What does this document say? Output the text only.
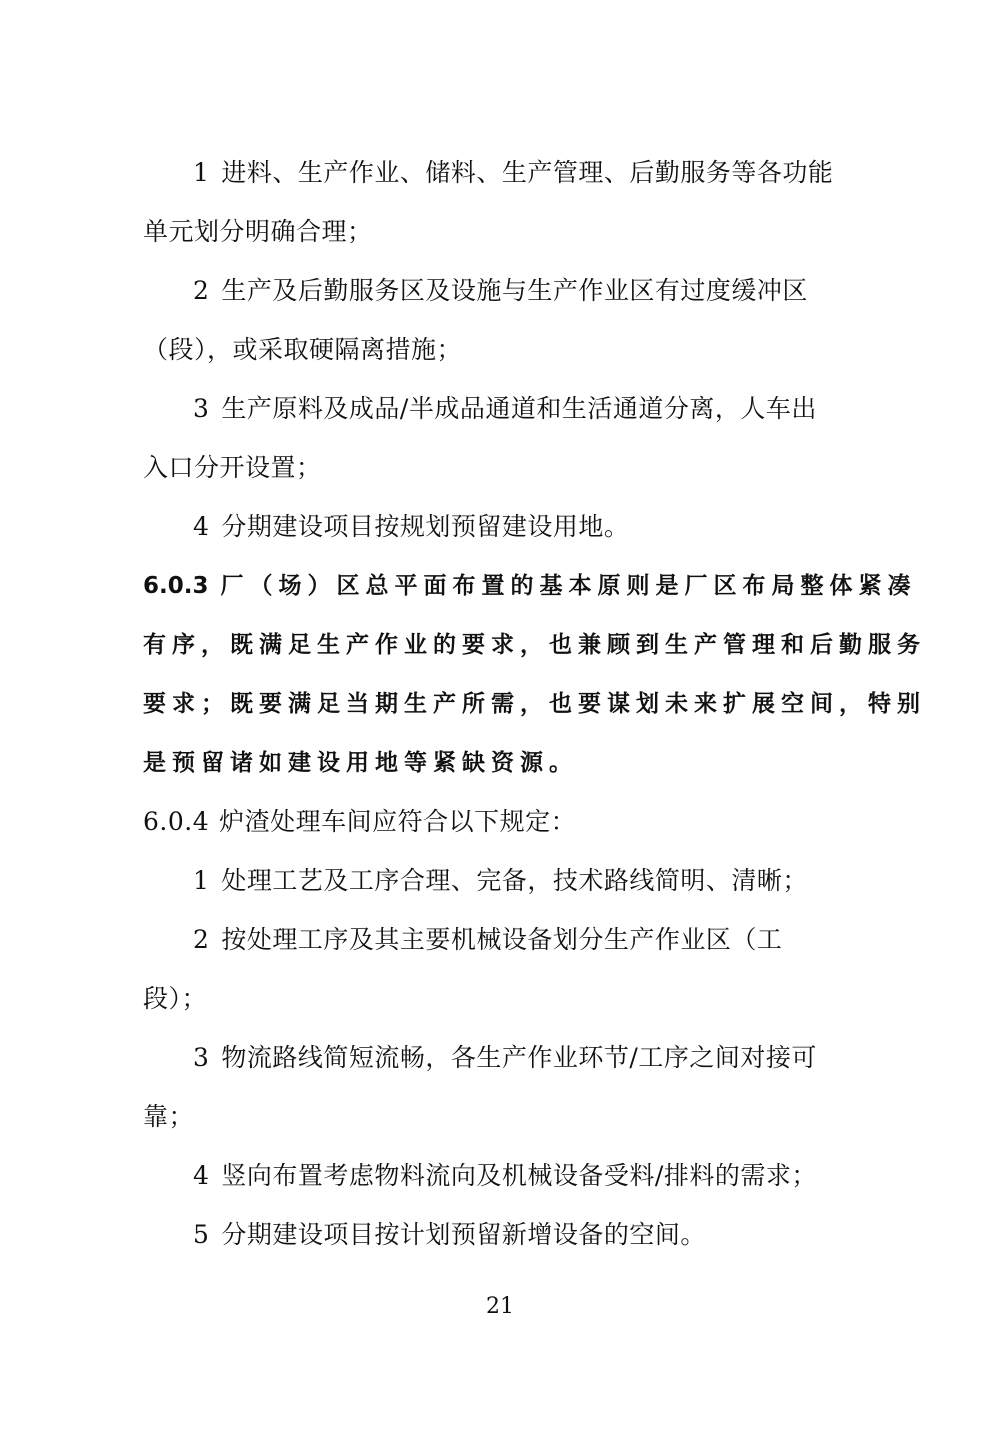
1 进料、生产作业、储料、生产管理、后勤服务等各功能
单元划分明确合理；
2 生产及后勤服务区及设施与生产作业区有过度缓冲区
（段），或采取硬隔离措施；
3 生产原料及成品/半成品通道和生活通道分离，人车出
入口分开设置；
4 分期建设项目按规划预留建设用地。
6.0.3 厂（场）区总平面布置的基本原则是厂区布局整体紧凑
有序，既满足生产作业的要求，也兼顾到生产管理和后勤服务
要求；既要满足当期生产所需，也要谋划未来扩展空间，特别
是预留诸如建设用地等紧缺资源。
6.0.4 炉渣处理车间应符合以下规定：
1 处理工艺及工序合理、完备，技术路线简明、清晰；
2 按处理工序及其主要机械设备划分生产作业区（工
段）；
3 物流路线简短流畅，各生产作业环节/工序之间对接可
靠；
4 竖向布置考虑物料流向及机械设备受料/排料的需求；
5 分期建设项目按计划预留新增设备的空间。
21
